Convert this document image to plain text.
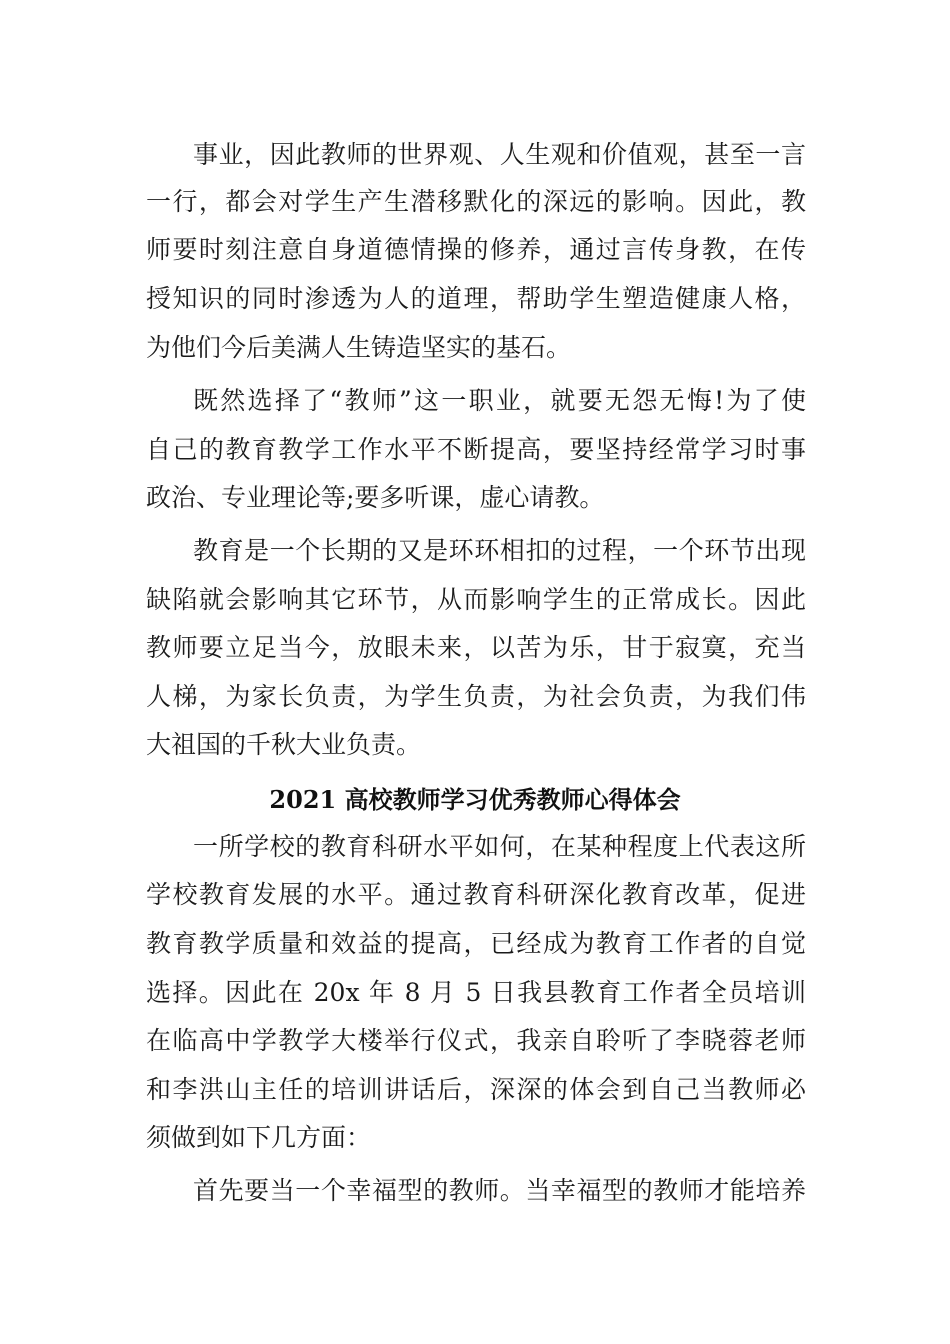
事业，因此教师的世界观、人生观和价值观，甚至一言
一行，都会对学生产生潜移默化的深远的影响。因此，教
师要时刻注意自身道德情操的修养，通过言传身教，在传
授知识的同时渗透为人的道理，帮助学生塑造健康人格，
为他们今后美满人生铸造坚实的基石。
既然选择了“教师”这一职业，就要无怨无悔!为了使
自己的教育教学工作水平不断提高，要坚持经常学习时事
政治、专业理论等;要多听课，虚心请教。
教育是一个长期的又是环环相扣的过程，一个环节出现
缺陷就会影响其它环节，从而影响学生的正常成长。因此
教师要立足当今，放眼未来，以苦为乐，甘于寂寞，充当
人梯，为家长负责，为学生负责，为社会负责，为我们伟
大祖国的千秋大业负责。
2021 高校教师学习优秀教师心得体会
一所学校的教育科研水平如何，在某种程度上代表这所
学校教育发展的水平。通过教育科研深化教育改革，促进
教育教学质量和效益的提高，已经成为教育工作者的自觉
选择。因此在 20x 年 8 月 5 日我县教育工作者全员培训
在临高中学教学大楼举行仪式，我亲自聆听了李晓蓉老师
和李洪山主任的培训讲话后，深深的体会到自己当教师必
须做到如下几方面：
首先要当一个幸福型的教师。当幸福型的教师才能培养
